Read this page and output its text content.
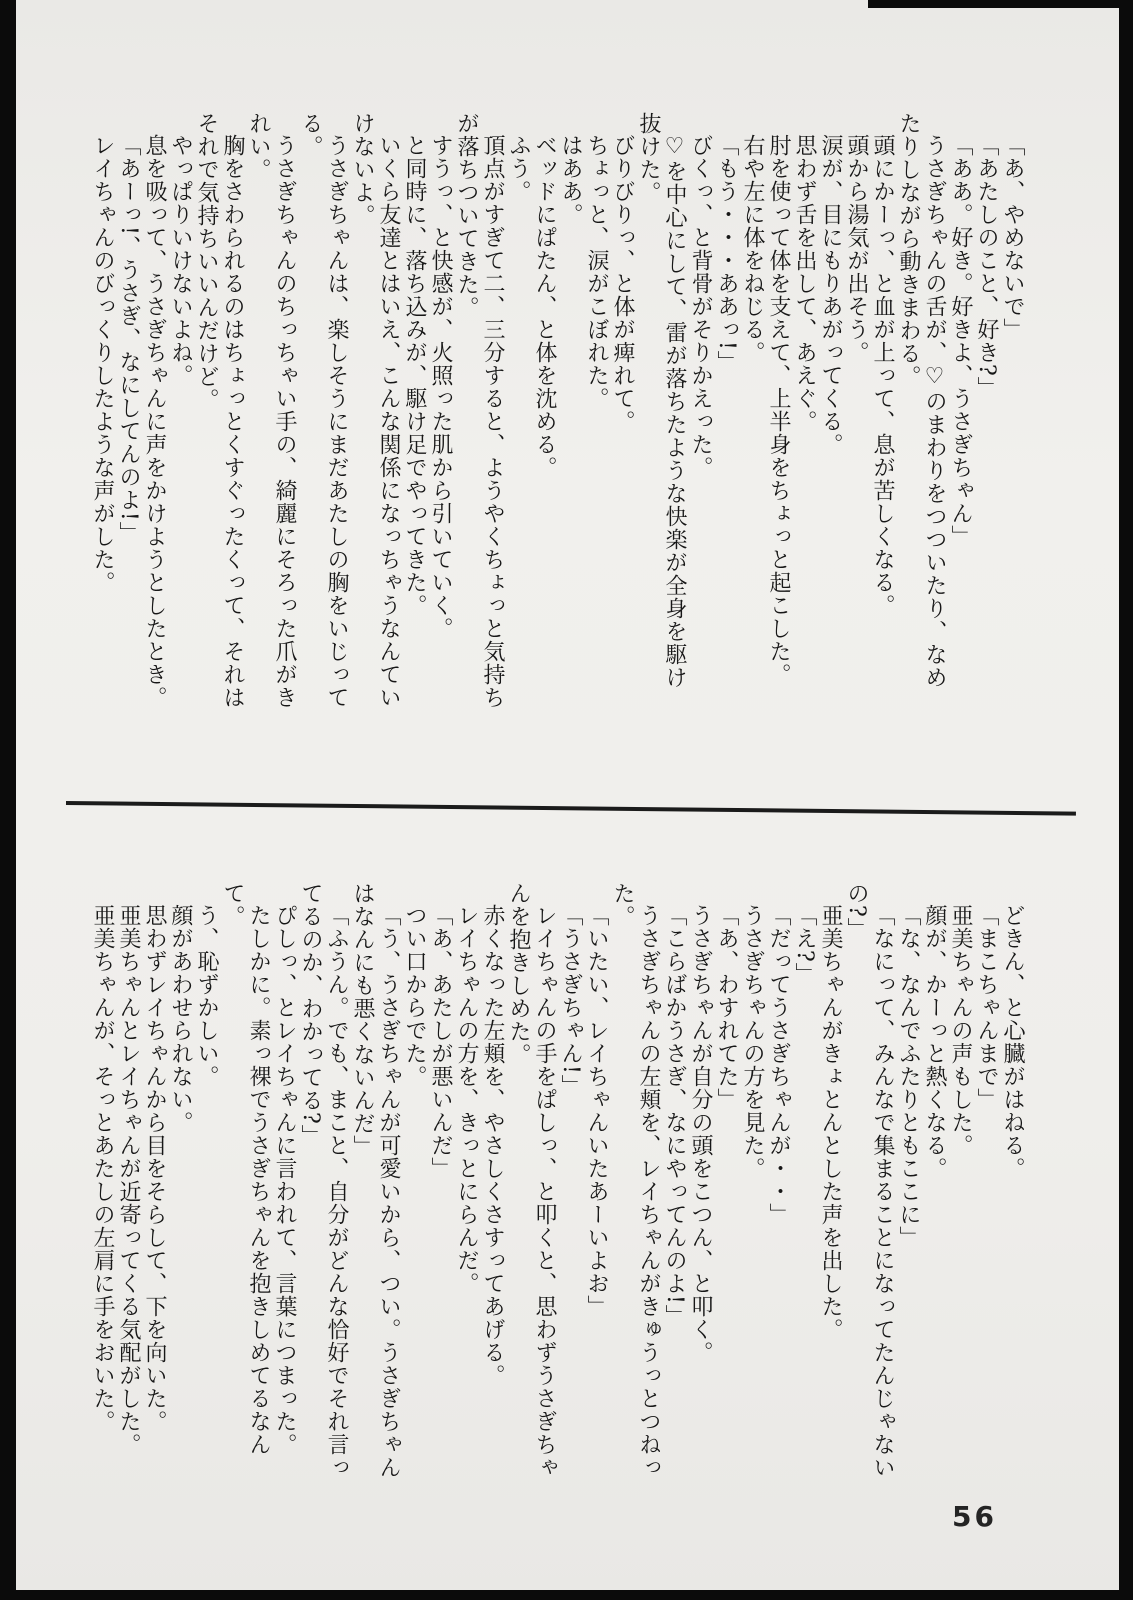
「あ、やめないで」

「あたしのこと、好き?」

「ああ。好き。好きよ、うさぎちゃん」

うさぎちゃんの舌が、♡のまわりをつついたり、なめたりしながら動きまわる。

頭にかーっ、と血が上って、息が苦しくなる。

頭から湯気が出そう。

涙が、目にもりあがってくる。

思わず舌を出して、あえぐ。

肘を使って体を支えて、上半身をちょっと起こした。

右や左に体をねじる。

「もう・・・ああっ!」

びくっ、と背骨がそりかえった。

♡を中心にして、雷が落ちたような快楽が全身を駆け抜けた。

びりびりっ、と体が痺れて。

ちょっと、涙がこぼれた。

はああ。

ベッドにぱたん、と体を沈める。

ふう。

頂点がすぎて二、三分すると、ようやくちょっと気持ちが落ちついてきた。

すうっ、と快感が、火照った肌から引いていく。

と同時に、落ち込みが、駆け足でやってきた。

いくら友達とはいえ、こんな関係になっちゃうなんていけないよ。

うさぎちゃんは、楽しそうにまだあたしの胸をいじってる。

うさぎちゃんのちっちゃい手の、綺麗にそろった爪がきれい。

胸をさわられるのはちょっとくすぐったくって、それはそれで気持ちいいんだけど。

やっぱりいけないよね。

息を吸って、うさぎちゃんに声をかけようとしたとき。

「あーっ!、うさぎ、なにしてんのよ!」

レイちゃんのびっくりしたような声がした。

どきん、と心臓がはねる。

「まこちゃんまで」

亜美ちゃんの声もした。

顔が、かーっと熱くなる。

「な、なんでふたりともここに」

「なにって、みんなで集まることになってたんじゃないの?」

亜美ちゃんがきょとんとした声を出した。

「え?」

「だってうさぎちゃんが・・」

うさぎちゃんの方を見た。

「あ、わすれてた」

うさぎちゃんが自分の頭をこつん、と叩く。

「こらばかうさぎ、なにやってんのよ!」

うさぎちゃんの左頬を、レイちゃんがきゅうっとつねった。

「いたい、レイちゃんいたあーいよお」

「うさぎちゃん!」

レイちゃんの手をぱしっ、と叩くと、思わずうさぎちゃんを抱きしめた。

赤くなった左頬を、やさしくさすってあげる。

レイちゃんの方を、きっとにらんだ。

「あ、あたしが悪いんだ」

つい口からでた。

「う、うさぎちゃんが可愛いから、つい。うさぎちゃんはなんにも悪くないんだ」

「ふうん。でも、まこと、自分がどんな恰好でそれ言ってるのか、わかってる?」

ぴしっ、とレイちゃんに言われて、言葉につまった。

たしかに。素っ裸でうさぎちゃんを抱きしめてるなんて。

う、恥ずかしい。

顔があわせられない。

思わずレイちゃんから目をそらして、下を向いた。

亜美ちゃんとレイちゃんが近寄ってくる気配がした。

亜美ちゃんが、そっとあたしの左肩に手をおいた。

56
